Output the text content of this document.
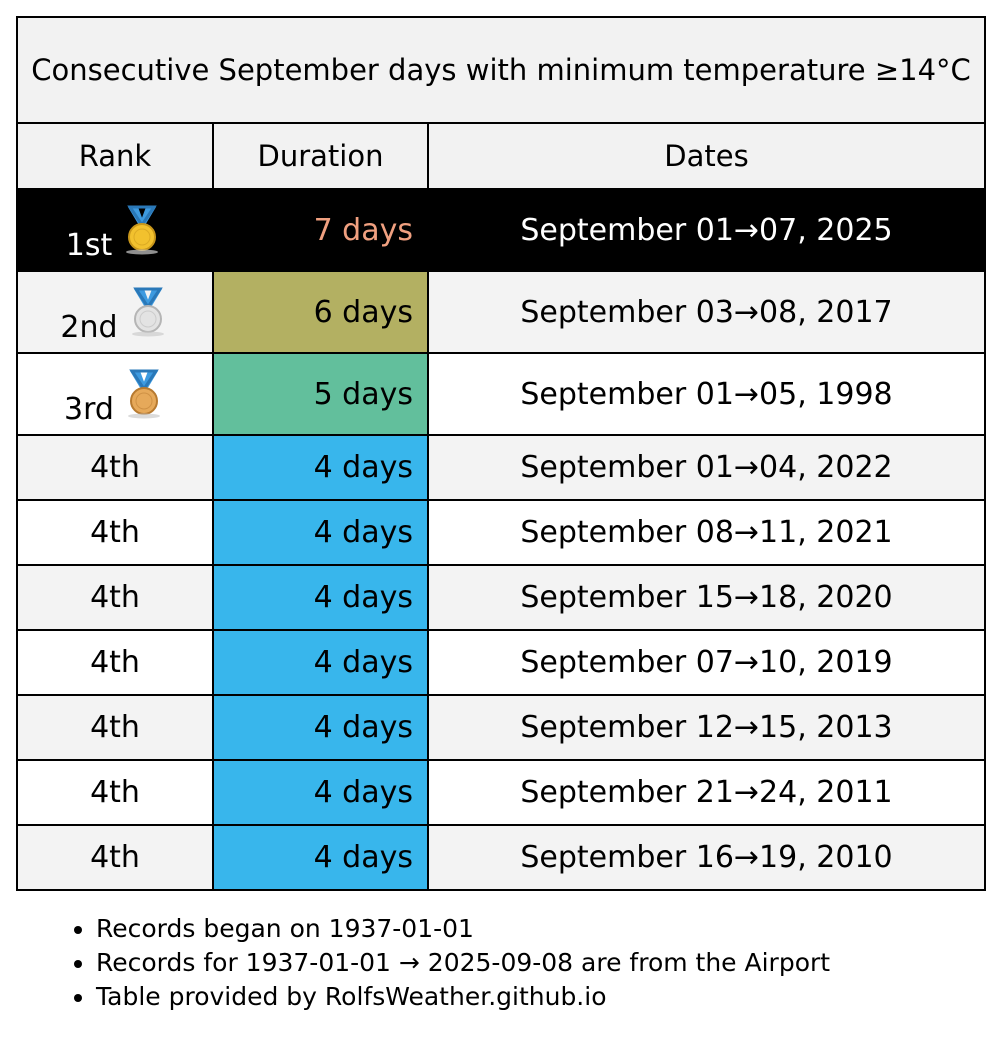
Consecutive September days with minimum temperature ≥14°C		
Rank	Duration	Dates

1st	7 days	September 01→07, 2025

2nd	6 days	September 03→08, 2017

3rd	5 days	September 01→05, 1998
4th	4 days	September 01→04, 2022
4th	4 days	September 08→11, 2021
4th	4 days	September 15→18, 2020
4th	4 days	September 07→10, 2019
4th	4 days	September 12→15, 2013
4th	4 days	September 21→24, 2011
4th	4 days	September 16→19, 2010
• Records began on 1937-01-01
• Records for 1937-01-01 → 2025-09-08 are from the Airport
• Table provided by RolfsWeather.github.io
